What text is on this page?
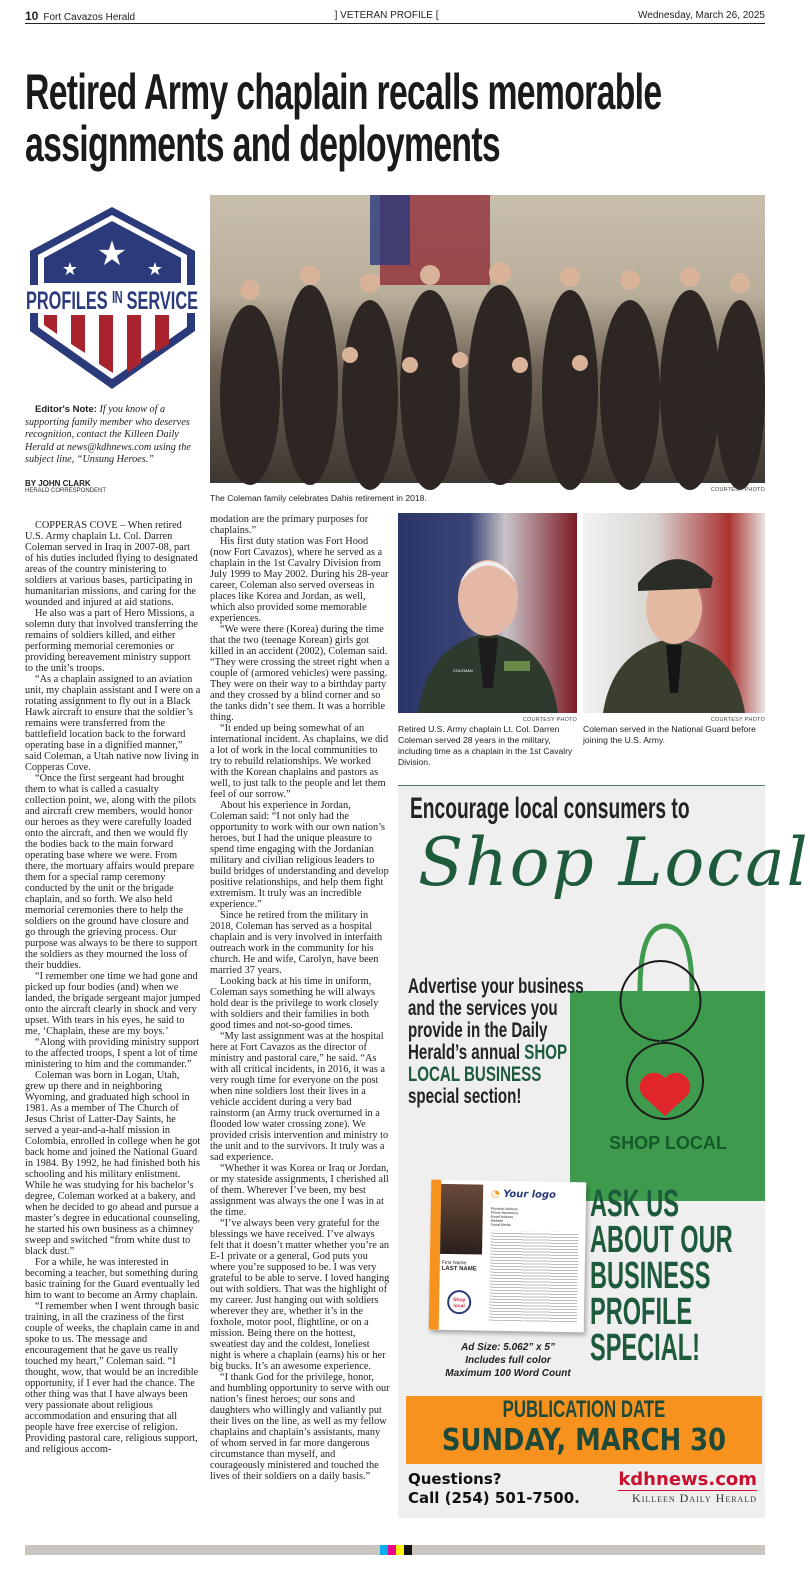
10 Fort Cavazos Herald	] VETERAN PROFILE [	Wednesday, March 26, 2025
Retired Army chaplain recalls memorable
assignments and deployments
★
★	★
PROFILES ᴵᴺ SERVICE
COURTESY PHOTO
The Coleman family celebrates Dahis retirement in 2018.

Editor's Note: If you know of a supporting family member who deserves recognition, contact the Killeen Daily Herald at news@kdhnews.com using the subject line, “Unsung Heroes.”

BY JOHN CLARK
HERALD CORRESPONDENT

COPPERAS COVE – When retired U.S. Army chaplain Lt. Col. Darren Coleman served in Iraq in 2007-08, part of his duties included flying to designated areas of the country ministering to soldiers at various bases, participating in humanitarian missions, and caring for the wounded and injured at aid stations.

He also was a part of Hero Missions, a solemn duty that involved transferring the remains of soldiers killed, and either performing memorial ceremonies or providing bereavement ministry support to the unit’s troops.

“As a chaplain assigned to an aviation unit, my chaplain assistant and I were on a rotating assignment to fly out in a Black Hawk aircraft to ensure that the soldier’s remains were transferred from the battlefield location back to the forward operating base in a dignified manner,” said Coleman, a Utah native now living in Copperas Cove.

“Once the first sergeant had brought them to what is called a casualty collection point, we, along with the pilots and aircraft crew members, would honor our heroes as they were carefully loaded onto the aircraft, and then we would fly the bodies back to the main forward operating base where we were. From there, the mortuary affairs would prepare them for a special ramp ceremony conducted by the unit or the brigade chaplain, and so forth. We also held memorial ceremonies there to help the soldiers on the ground have closure and go through the grieving process. Our purpose was always to be there to support the soldiers as they mourned the loss of their buddies.

“I remember one time we had gone and picked up four bodies (and) when we landed, the brigade sergeant major jumped onto the aircraft clearly in shock and very upset. With tears in his eyes, he said to me, ‘Chaplain, these are my boys.’

“Along with providing ministry support to the affected troops, I spent a lot of time ministering to him and the commander.”

Coleman was born in Logan, Utah, grew up there and in neighboring Wyoming, and graduated high school in 1981. As a member of The Church of Jesus Christ of Latter-Day Saints, he served a year-and-a-half mission in Colombia, enrolled in college when he got back home and joined the National Guard in 1984. By 1992, he had finished both his schooling and his military enlistment. While he was studying for his bachelor’s degree, Coleman worked at a bakery, and when he decided to go ahead and pursue a master’s degree in educational counseling, he started his own business as a chimney sweep and switched “from white dust to black dust.”

For a while, he was interested in becoming a teacher, but something during basic training for the Guard eventually led him to want to become an Army chaplain.

“I remember when I went through basic training, in all the craziness of the first couple of weeks, the chaplain came in and spoke to us. The message and encouragement that he gave us really touched my heart,” Coleman said. “I thought, wow, that would be an incredible opportunity, if I ever had the chance. The other thing was that I have always been very passionate about religious accommodation and ensuring that all people have free exercise of religion. Providing pastoral care, religious support, and religious accom-

modation are the primary purposes for chaplains.”

His first duty station was Fort Hood (now Fort Cavazos), where he served as a chaplain in the 1st Cavalry Division from July 1999 to May 2002. During his 28-year career, Coleman also served overseas in places like Korea and Jordan, as well, which also provided some memorable experiences.

“We were there (Korea) during the time that the two (teenage Korean) girls got killed in an accident (2002), Coleman said. “They were crossing the street right when a couple of (armored vehicles) were passing. They were on their way to a birthday party and they crossed by a blind corner and so the tanks didn’t see them. It was a horrible thing.

“It ended up being somewhat of an international incident. As chaplains, we did a lot of work in the local communities to try to rebuild relationships. We worked with the Korean chaplains and pastors as well, to just talk to the people and let them feel of our sorrow.”

About his experience in Jordan, Coleman said: “I not only had the opportunity to work with our own nation’s heroes, but I had the unique pleasure to spend time engaging with the Jordanian military and civilian religious leaders to build bridges of understanding and develop positive relationships, and help them fight extremism. It truly was an incredible experience.”

Since he retired from the military in 2018, Coleman has served as a hospital chaplain and is very involved in interfaith outreach work in the community for his church. He and wife, Carolyn, have been married 37 years.

Looking back at his time in uniform, Coleman says something he will always hold dear is the privilege to work closely with soldiers and their families in both good times and not-so-good times.

“My last assignment was at the hospital here at Fort Cavazos as the director of ministry and pastoral care,” he said. “As with all critical incidents, in 2016, it was a very rough time for everyone on the post when nine soldiers lost their lives in a vehicle accident during a very bad rainstorm (an Army truck overturned in a flooded low water crossing zone). We provided crisis intervention and ministry to the unit and to the survivors. It truly was a sad experience.

“Whether it was Korea or Iraq or Jordan, or my stateside assignments, I cherished all of them. Wherever I’ve been, my best assignment was always the one I was in at the time.

“I’ve always been very grateful for the blessings we have received. I’ve always felt that it doesn’t matter whether you’re an E-1 private or a general, God puts you where you’re supposed to be. I was very grateful to be able to serve. I loved hanging out with soldiers. That was the highlight of my career. Just hanging out with soldiers wherever they are, whether it’s in the foxhole, motor pool, flightline, or on a mission. Being there on the hottest, sweatiest day and the coldest, loneliest night is where a chaplain (earns) his or her big bucks. It’s an awesome experience.

“I thank God for the privilege, honor, and humbling opportunity to serve with our nation’s finest heroes; our sons and daughters who willingly and valiantly put their lives on the line, as well as my fellow chaplains and chaplain’s assistants, many of whom served in far more dangerous circumstance than myself, and courageously ministered and touched the lives of their soldiers on a daily basis.”

COLEMAN
COURTESY PHOTO
Retired U.S. Army chaplain Lt. Col. Darren Coleman served 28 years in the military, including time as a chaplain in the 1st Cavalry Division.
COURTESY PHOTO
Coleman served in the National Guard before joining the U.S. Army.
Encourage local consumers to
Shop Local
SHOP LOCAL
Advertise your business and the services you provide in the Daily Herald’s annual SHOP LOCAL BUSINESS special section!
◔ Your logo
Physical Address
Phone Number(s)
Email Address
Website
Social Media
First Name
LAST NAME
Shop local
ASK US
ABOUT OUR
BUSINESS
PROFILE
SPECIAL!
Ad Size: 5.062” x 5”
Includes full color
Maximum 100 Word Count
PUBLICATION DATE
SUNDAY, MARCH 30
Questions?
Call (254) 501-7500.
kdhnews.com
Killeen Daily Herald
